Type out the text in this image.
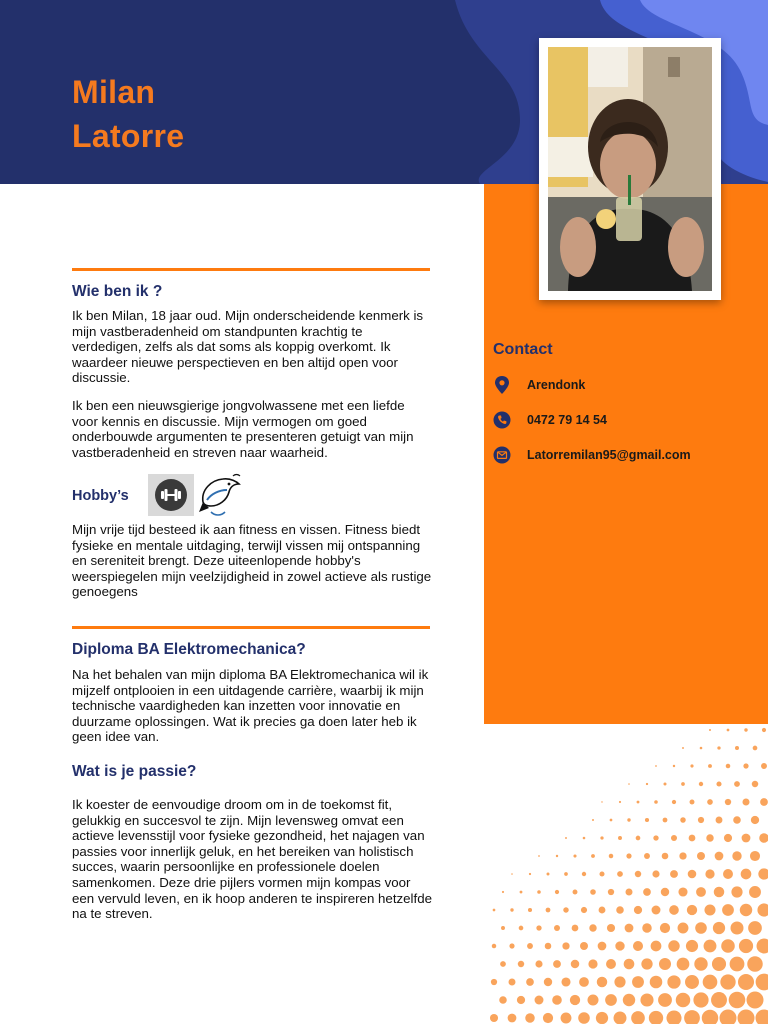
Milan
Latorre
Contact
Arendonk
0472 79 14 54
Latorremilan95@gmail.com
Wie ben ik ?
Ik ben Milan, 18 jaar oud. Mijn onderscheidende kenmerk is mijn vastberadenheid om standpunten krachtig te verdedigen, zelfs als dat soms als koppig overkomt. Ik waardeer nieuwe perspectieven en ben altijd open voor discussie.
Ik ben een nieuwsgierige jongvolwassene met een liefde voor kennis en discussie. Mijn vermogen om goed onderbouwde argumenten te presenteren getuigt van mijn vastberadenheid en streven naar waarheid.
Hobby’s
Mijn vrije tijd besteed ik aan fitness en vissen. Fitness biedt fysieke en mentale uitdaging, terwijl vissen mij ontspanning en sereniteit brengt. Deze uiteenlopende hobby's weerspiegelen mijn veelzijdigheid in zowel actieve als rustige genoegens
Diploma BA Elektromechanica?
Na het behalen van mijn diploma BA Elektromechanica wil ik mijzelf ontplooien in een uitdagende carrière, waarbij ik mijn technische vaardigheden kan inzetten voor innovatie en duurzame oplossingen. Wat ik precies ga doen later heb ik geen idee van.
Wat is je passie?
Ik koester de eenvoudige droom om in de toekomst fit, gelukkig en succesvol te zijn. Mijn levensweg omvat een actieve levensstijl voor fysieke gezondheid, het najagen van passies voor innerlijk geluk, en het bereiken van holistisch succes, waarin persoonlijke en professionele doelen samenkomen. Deze drie pijlers vormen mijn kompas voor een vervuld leven, en ik hoop anderen te inspireren hetzelfde na te streven.
